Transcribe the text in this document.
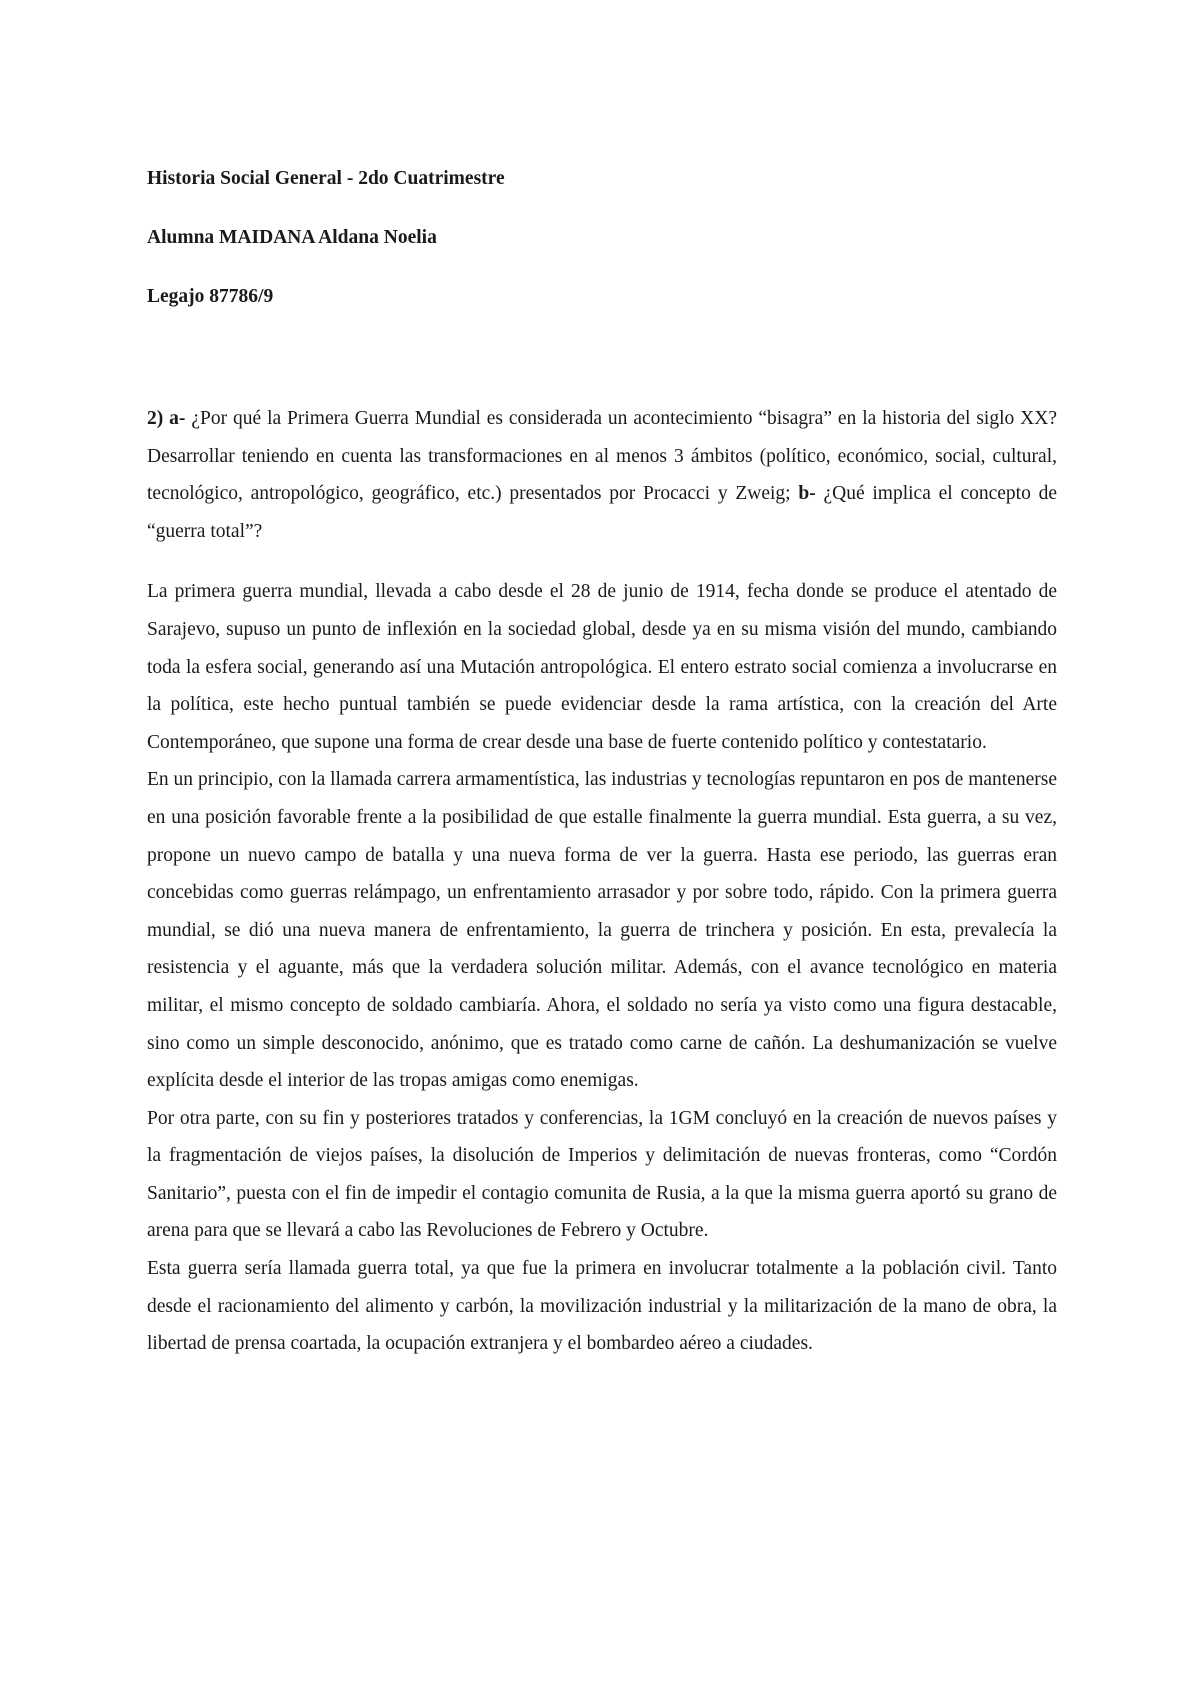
Historia Social General - 2do Cuatrimestre

Alumna MAIDANA Aldana Noelia

Legajo 87786/9

2) a- ¿Por qué la Primera Guerra Mundial es considerada un acontecimiento “bisagra” en la historia del siglo XX? Desarrollar teniendo en cuenta las transformaciones en al menos 3 ámbitos (político, económico, social, cultural, tecnológico, antropológico, geográfico, etc.) presentados por Procacci y Zweig; b- ¿Qué implica el concepto de “guerra total”?

La primera guerra mundial, llevada a cabo desde el 28 de junio de 1914, fecha donde se produce el atentado de Sarajevo, supuso un punto de inflexión en la sociedad global, desde ya en su misma visión del mundo, cambiando toda la esfera social, generando así una Mutación antropológica. El entero estrato social comienza a involucrarse en la política, este hecho puntual también se puede evidenciar desde la rama artística, con la creación del Arte Contemporáneo, que supone una forma de crear desde una base de fuerte contenido político y contestatario.

En un principio, con la llamada carrera armamentística, las industrias y tecnologías repuntaron en pos de mantenerse en una posición favorable frente a la posibilidad de que estalle finalmente la guerra mundial. Esta guerra, a su vez, propone un nuevo campo de batalla y una nueva forma de ver la guerra. Hasta ese periodo, las guerras eran concebidas como guerras relámpago, un enfrentamiento arrasador y por sobre todo, rápido. Con la primera guerra mundial, se dió una nueva manera de enfrentamiento, la guerra de trinchera y posición. En esta, prevalecía la resistencia y el aguante, más que la verdadera solución militar. Además, con el avance tecnológico en materia militar, el mismo concepto de soldado cambiaría. Ahora, el soldado no sería ya visto como una figura destacable, sino como un simple desconocido, anónimo, que es tratado como carne de cañón. La deshumanización se vuelve explícita desde el interior de las tropas amigas como enemigas.

Por otra parte, con su fin y posteriores tratados y conferencias, la 1GM concluyó en la creación de nuevos países y la fragmentación de viejos países, la disolución de Imperios y delimitación de nuevas fronteras, como “Cordón Sanitario”, puesta con el fin de impedir el contagio comunita de Rusia, a la que la misma guerra aportó su grano de arena para que se llevará a cabo las Revoluciones de Febrero y Octubre.

Esta guerra sería llamada guerra total, ya que fue la primera en involucrar totalmente a la población civil. Tanto desde el racionamiento del alimento y carbón, la movilización industrial y la militarización de la mano de obra, la libertad de prensa coartada, la ocupación extranjera y el bombardeo aéreo a ciudades.
